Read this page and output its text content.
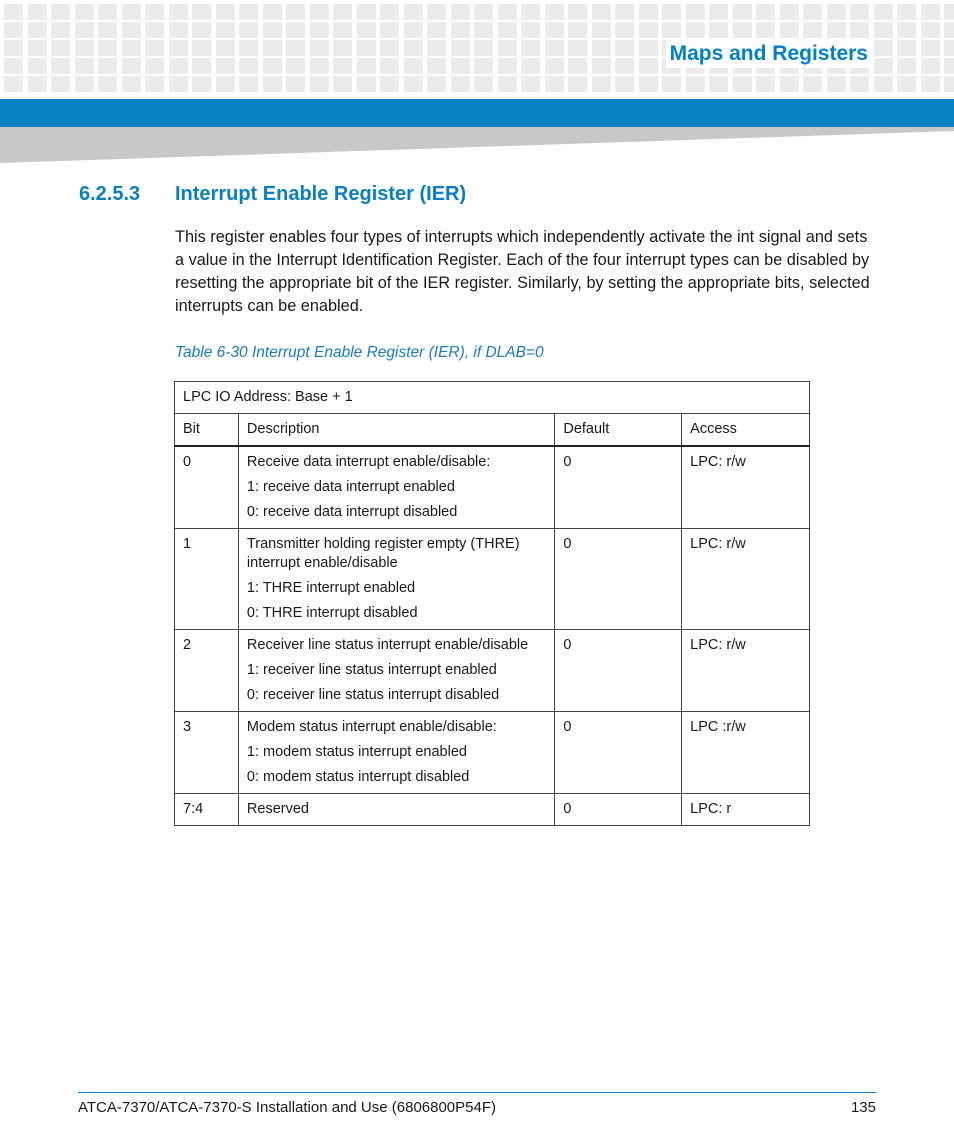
Maps and Registers
6.2.5.3 Interrupt Enable Register (IER)

This register enables four types of interrupts which independently activate the int signal and sets a value in the Interrupt Identification Register. Each of the four interrupt types can be disabled by resetting the appropriate bit of the IER register. Similarly, by setting the appropriate bits, selected interrupts can be enabled.

Table 6-30 Interrupt Enable Register (IER), if DLAB=0

LPC IO Address: Base + 1			
Bit	Description	Default	Access
0	Receive data interrupt enable/disable:
1: receive data interrupt enabled
0: receive data interrupt disabled	0	LPC: r/w
1	Transmitter holding register empty (THRE) interrupt enable/disable
1: THRE interrupt enabled
0: THRE interrupt disabled	0	LPC: r/w
2	Receiver line status interrupt enable/disable
1: receiver line status interrupt enabled
0: receiver line status interrupt disabled	0	LPC: r/w
3	Modem status interrupt enable/disable:
1: modem status interrupt enabled
0: modem status interrupt disabled	0	LPC :r/w
7:4	Reserved	0	LPC: r

ATCA-7370/ATCA-7370-S Installation and Use (6806800P54F)	135
